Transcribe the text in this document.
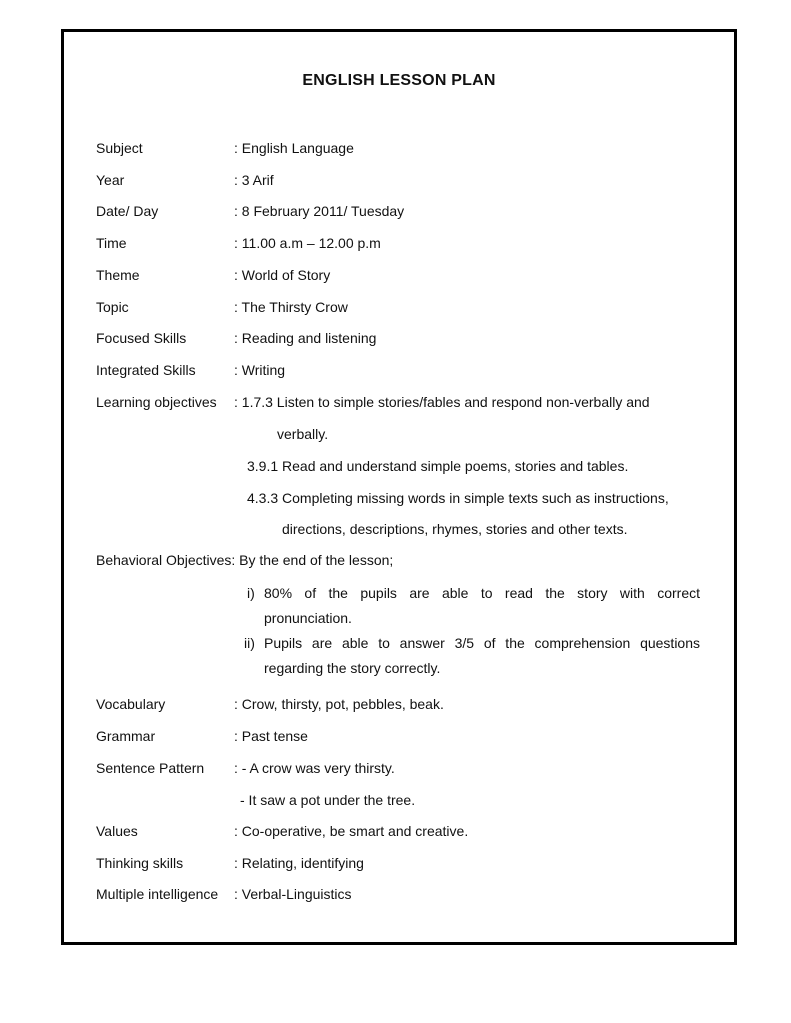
ENGLISH LESSON PLAN
Subject	: English Language
Year	: 3 Arif
Date/ Day	: 8 February 2011/ Tuesday
Time	: 11.00 a.m – 12.00 p.m
Theme	: World of Story
Topic	: The Thirsty Crow
Focused Skills	: Reading and listening
Integrated Skills	: Writing
Learning objectives : 1.7.3 Listen to simple stories/fables and respond non-verbally and
verbally.
3.9.1 Read and understand simple poems, stories and tables.
4.3.3 Completing missing words in simple texts such as instructions,
directions, descriptions, rhymes, stories and other texts.
Behavioral Objectives: By the end of the lesson;
i) 80% of the pupils are able to read the story with correct
pronunciation.
ii) Pupils are able to answer 3/5 of the comprehension questions
regarding the story correctly.
Vocabulary	: Crow, thirsty, pot, pebbles, beak.
Grammar	: Past tense
Sentence Pattern : - A crow was very thirsty.
- It saw a pot under the tree.
Values	: Co-operative, be smart and creative.
Thinking skills	: Relating, identifying
Multiple intelligence : Verbal-Linguistics
